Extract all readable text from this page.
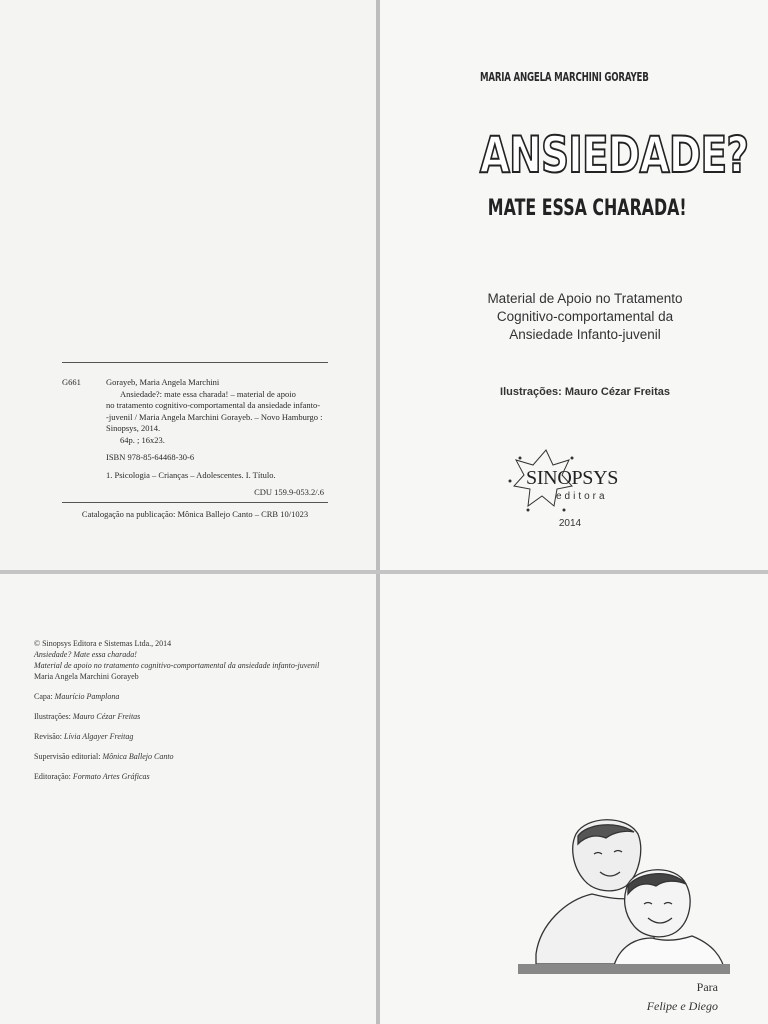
G661	Gorayeb, Maria Angela Marchini
Ansiedade?: mate essa charada! – material de apoio
no tratamento cognitivo-comportamental da ansiedade infanto-
-juvenil / Maria Angela Marchini Gorayeb. – Novo Hamburgo :
Sinopsys, 2014.
64p. ; 16x23.
ISBN 978-85-64468-30-6
1. Psicologia – Crianças – Adolescentes. I. Título.
CDU 159.9-053.2/.6
Catalogação na publicação: Mônica Ballejo Canto – CRB 10/1023
MARIA ANGELA MARCHINI GORAYEB
ANSIEDADE?
MATE ESSA CHARADA!
Material de Apoio no Tratamento
Cognitivo-comportamental da
Ansiedade Infanto-juvenil
Ilustrações: Mauro Cézar Freitas
SINOPSYS
editora
2014
© Sinopsys Editora e Sistemas Ltda., 2014
Ansiedade? Mate essa charada!
Material de apoio no tratamento cognitivo-comportamental da ansiedade infanto-juvenil
Maria Angela Marchini Gorayeb
Capa: Maurício Pamplona
Ilustrações: Mauro Cézar Freitas
Revisão: Lívia Algayer Freitag
Supervisão editorial: Mônica Ballejo Canto
Editoração: Formato Artes Gráficas
Para
Felipe e Diego
